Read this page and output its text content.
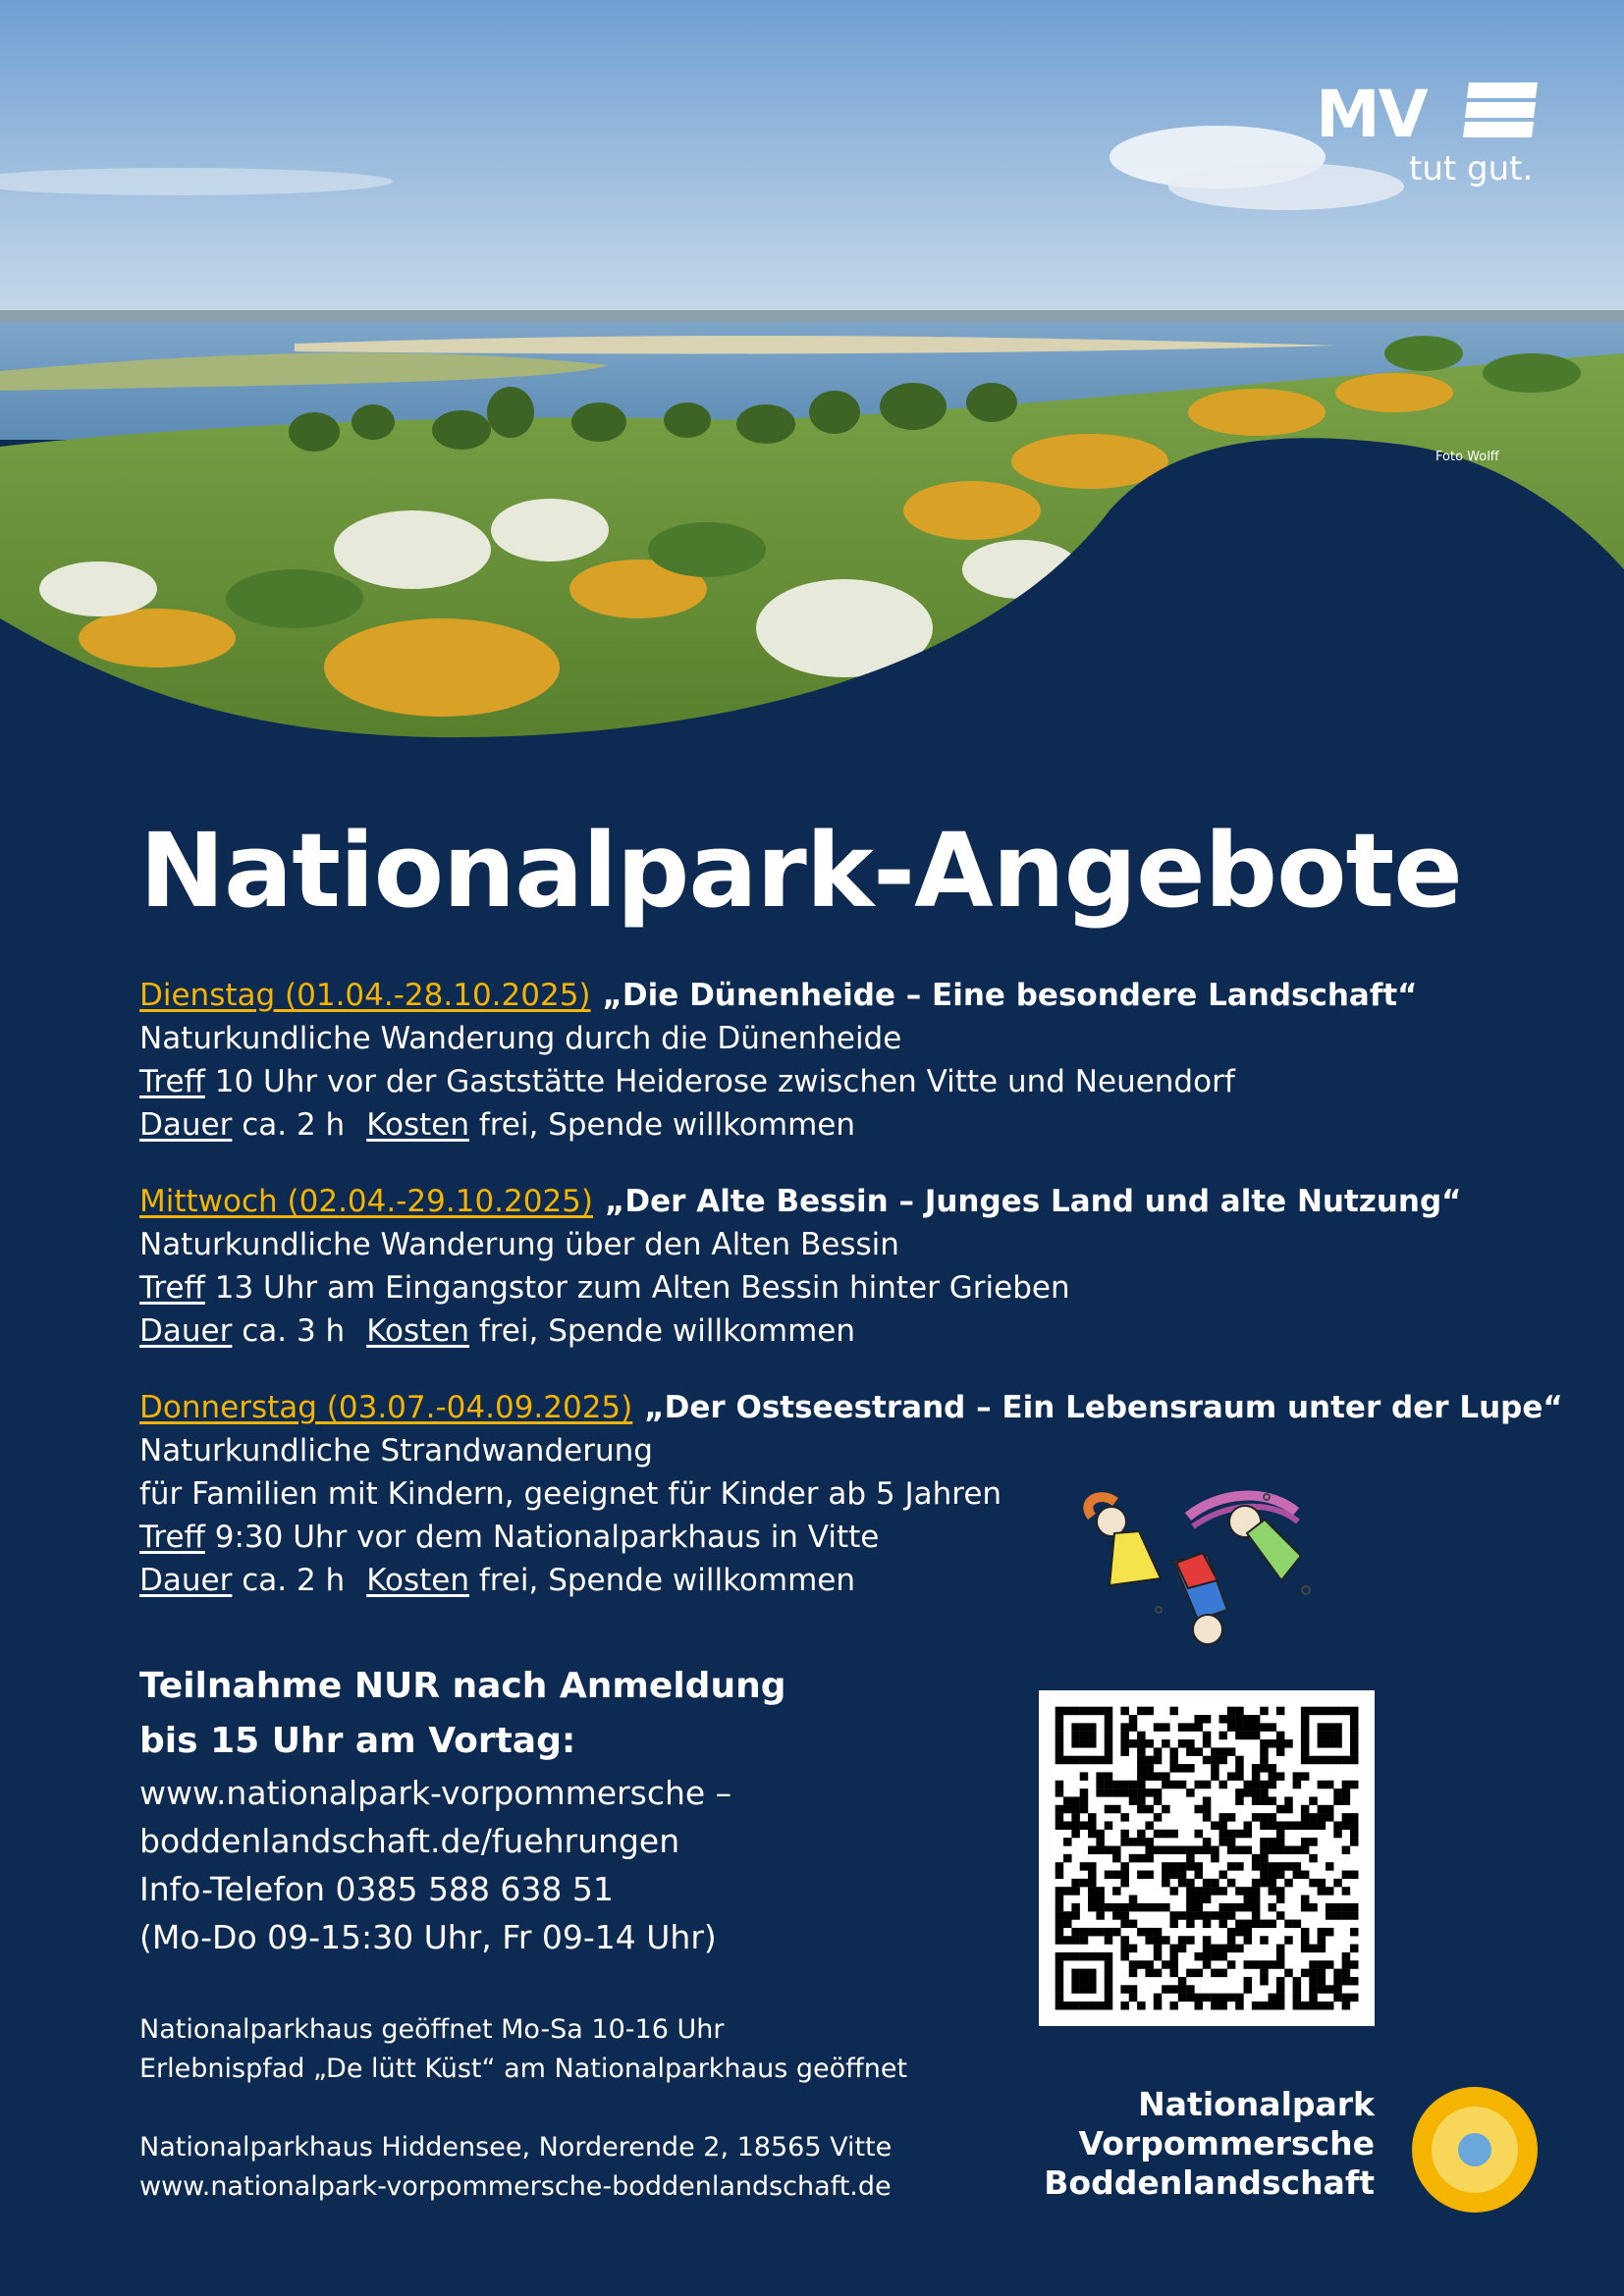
Foto Wolff
MV
tut gut.
Nationalpark-Angebote
Dienstag (01.04.-28.10.2025) „Die Dünenheide – Eine besondere Landschaft“
Naturkundliche Wanderung durch die Dünenheide
Treff 10 Uhr vor der Gaststätte Heiderose zwischen Vitte und Neuendorf
Dauer ca. 2 h Kosten frei, Spende willkommen
Mittwoch (02.04.-29.10.2025) „Der Alte Bessin – Junges Land und alte Nutzung“
Naturkundliche Wanderung über den Alten Bessin
Treff 13 Uhr am Eingangstor zum Alten Bessin hinter Grieben
Dauer ca. 3 h Kosten frei, Spende willkommen
Donnerstag (03.07.-04.09.2025) „Der Ostseestrand – Ein Lebensraum unter der Lupe“
Naturkundliche Strandwanderung
für Familien mit Kindern, geeignet für Kinder ab 5 Jahren
Treff 9:30 Uhr vor dem Nationalparkhaus in Vitte
Dauer ca. 2 h Kosten frei, Spende willkommen
Teilnahme NUR nach Anmeldung
bis 15 Uhr am Vortag:
www.nationalpark-vorpommersche –
boddenlandschaft.de/fuehrungen
Info-Telefon 0385 588 638 51
(Mo-Do 09-15:30 Uhr, Fr 09-14 Uhr)
Nationalparkhaus geöffnet Mo-Sa 10-16 Uhr
Erlebnispfad „De lütt Küst“ am Nationalparkhaus geöffnet
Nationalparkhaus Hiddensee, Norderende 2, 18565 Vitte
www.nationalpark-vorpommersche-boddenlandschaft.de
Nationalpark
Vorpommersche
Boddenlandschaft
